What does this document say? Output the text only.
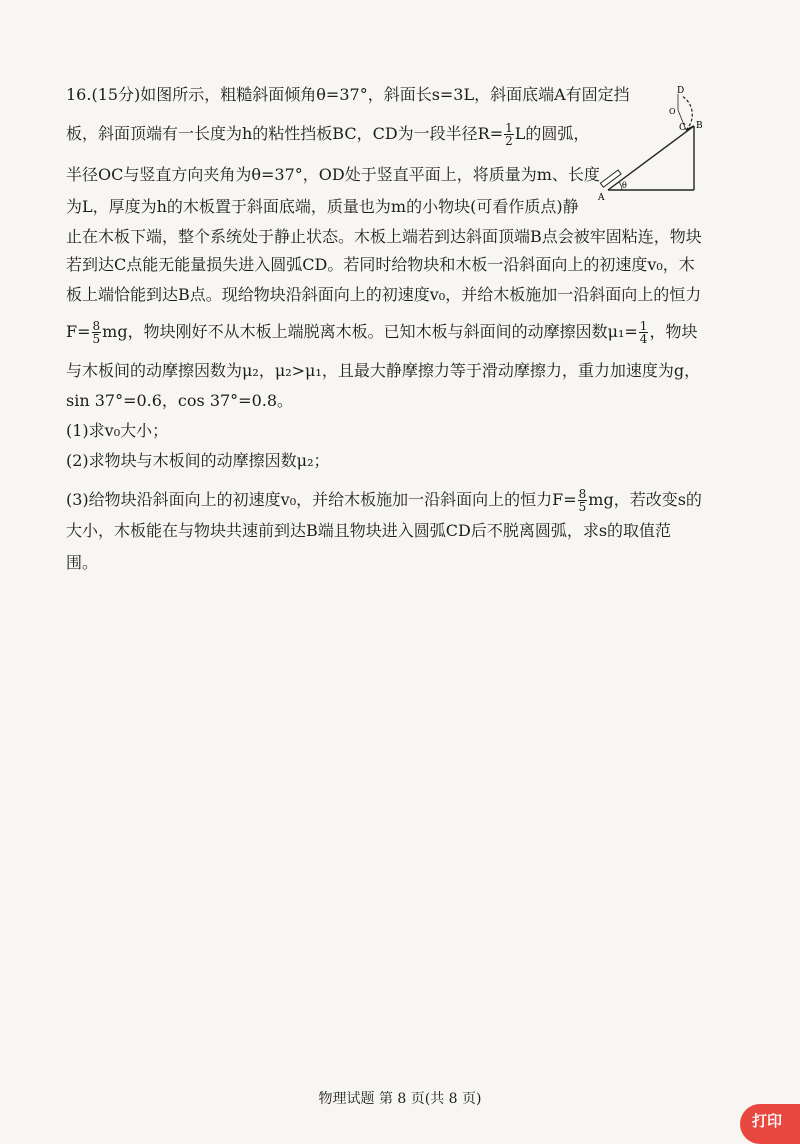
16.(15分)如图所示，粗糙斜面倾角θ=37°，斜面长s=3L，斜面底端A有固定挡
板，斜面顶端有一长度为h的粘性挡板BC，CD为一段半径$R= \frac{1}{2}$ L的圆弧，
半径OC与竖直方向夹角为θ=37°，OD处于竖直平面上，将质量为m、长度
为L，厚度为h的木板置于斜面底端，质量也为m的小物块(可看作质点)静
止在木板下端，整个系统处于静止状态。木板上端若到达斜面顶端B点会被牢固粘连，物块
若到达C点能无能量损失进入圆弧CD。若同时给物块和木板一沿斜面向上的初速度v₀，木
板上端恰能到达B点。现给物块沿斜面向上的初速度v₀，并给木板施加一沿斜面向上的恒力
$F= \frac{8}{5}$ mg，物块刚好不从木板上端脱离木板。已知木板与斜面间的动摩擦因数$\mu_1= \frac{1}{4}$ ，物块
与木板间的动摩擦因数为μ₂，μ₂>μ₁，且最大静摩擦力等于滑动摩擦力，重力加速度为g，
sin 37°=0.6，cos 37°=0.8。
(1)求v₀大小；
(2)求物块与木板间的动摩擦因数μ₂；
(3)给物块沿斜面向上的初速度v₀，并给木板施加一沿斜面向上的恒力$F= \frac{8}{5}$ mg，若改变s的
大小，木板能在与物块共速前到达B端且物块进入圆弧CD后不脱离圆弧，求s的取值范
围。
θ
D
O
C B
A
物理试题 第 8 页(共 8 页)
打印
